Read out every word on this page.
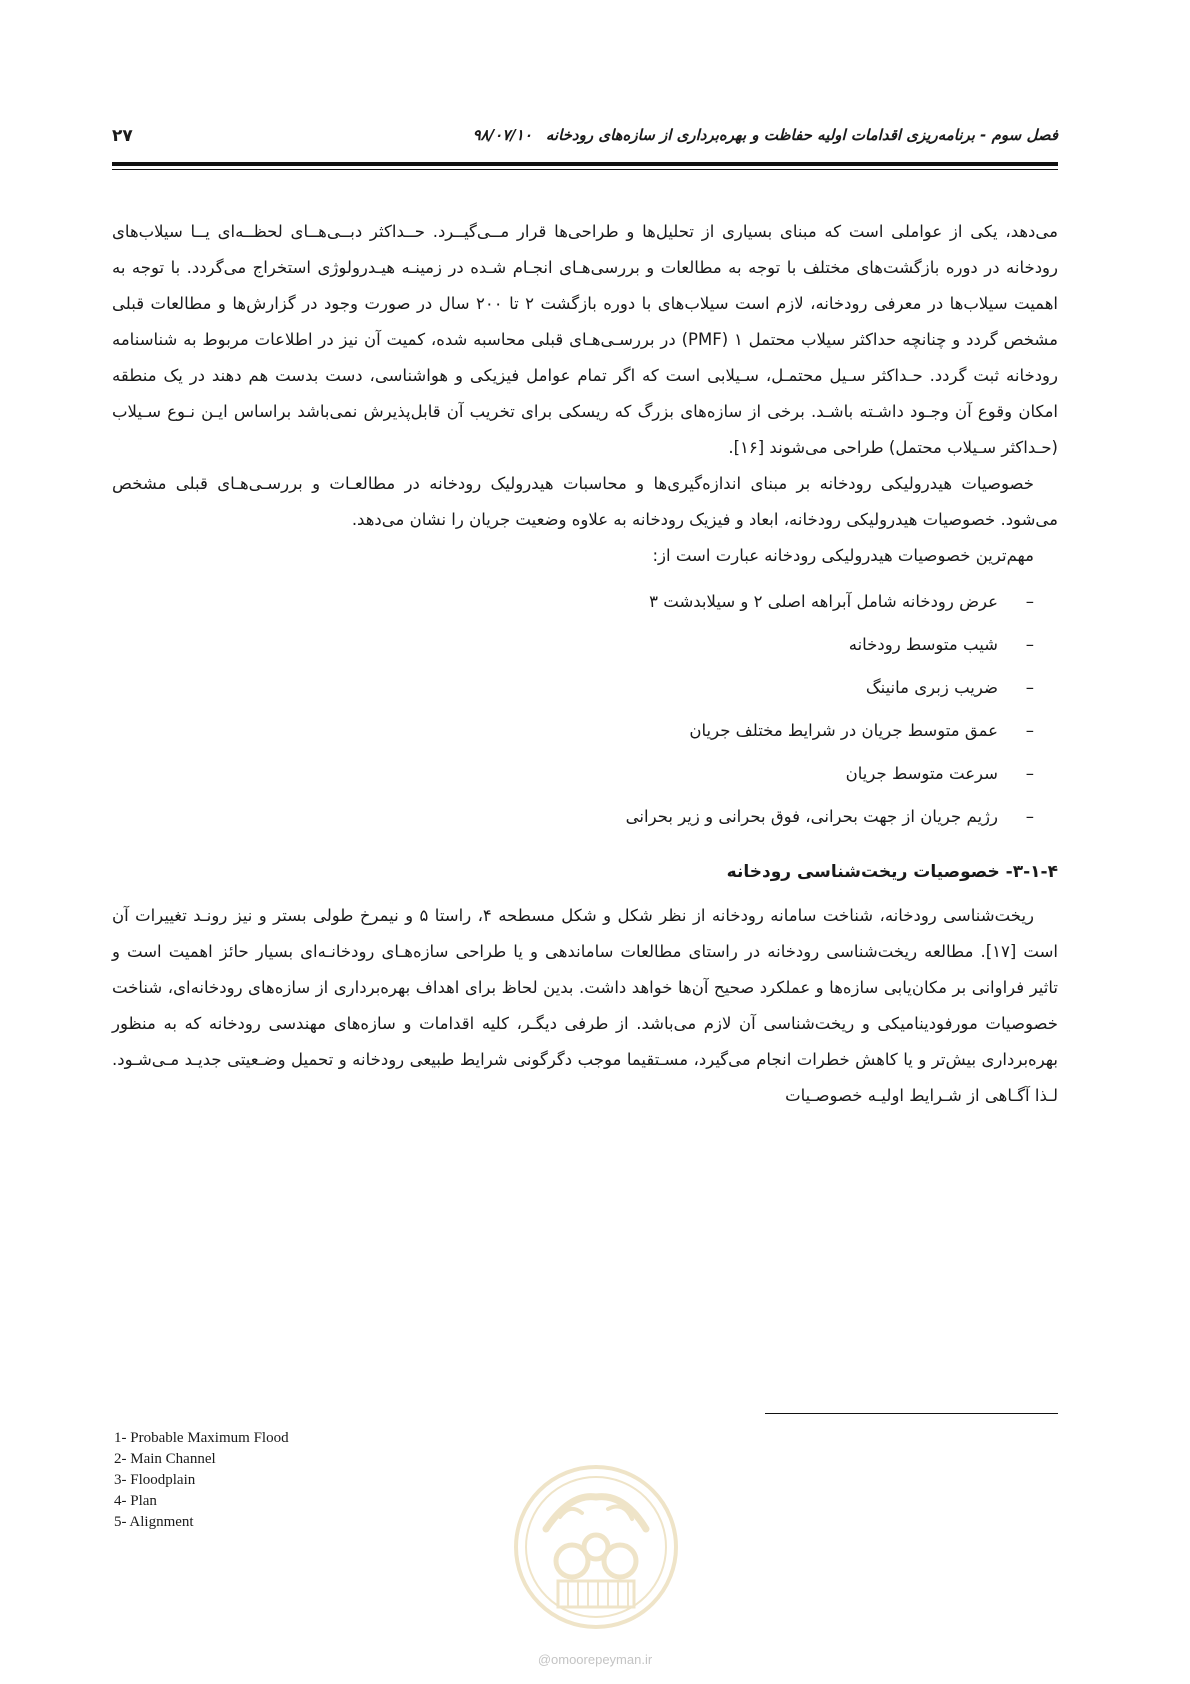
۲۷	فصل سوم - برنامه‌ریزی اقدامات اولیه حفاظت و بهره‌برداری از سازه‌های رودخانه۹۸/۰۷/۱۰

می‌دهد، یکی از عواملی است که مبنای بسیاری از تحلیل‌ها و طراحی‌ها قرار مــی‌گیــرد. حــداکثر دبــی‌هــای لحظــه‌ای یــا سیلاب‌های رودخانه در دوره بازگشت‌های مختلف با توجه به مطالعات و بررسی‌هـای انجـام شـده در زمینـه هیـدرولوژی استخراج می‌گردد. با توجه به اهمیت سیلاب‌ها در معرفی رودخانه، لازم است سیلاب‌های با دوره بازگشت ۲ تا ۲۰۰ سال در صورت وجود در گزارش‌ها و مطالعات قبلی مشخص گردد و چنانچه حداکثر سیلاب محتمل ۱ (PMF) در بررسـی‌هـای قبلی محاسبه شده، کمیت آن نیز در اطلاعات مربوط به شناسنامه رودخانه ثبت گردد. حـداکثر سـیل محتمـل، سـیلابی است که اگر تمام عوامل فیزیکی و هواشناسی، دست بدست هم دهند در یک منطقه امکان وقوع آن وجـود داشـته باشـد. برخی از سازه‌های بزرگ که ریسکی برای تخریب آن قابل‌پذیرش نمی‌باشد براساس ایـن نـوع سـیلاب (حـداکثر سـیلاب محتمل) طراحی می‌شوند [۱۶].

خصوصیات هیدرولیکی رودخانه بر مبنای اندازه‌گیری‌ها و محاسبات هیدرولیک رودخانه در مطالعـات و بررسـی‌هـای قبلی مشخص می‌شود. خصوصیات هیدرولیکی رودخانه، ابعاد و فیزیک رودخانه به علاوه وضعیت جریان را نشان می‌دهد.

مهم‌ترین خصوصیات هیدرولیکی رودخانه عبارت است از:

–عرض رودخانه شامل آبراهه اصلی ۲ و سیلابدشت ۳
–شیب متوسط رودخانه
–ضریب زبری مانینگ
–عمق متوسط جریان در شرایط مختلف جریان
–سرعت متوسط جریان
–رژیم جریان از جهت بحرانی، فوق بحرانی و زیر بحرانی
۳-۱-۴- خصوصیات ریخت‌شناسی رودخانه

ریخت‌شناسی رودخانه، شناخت سامانه رودخانه از نظر شکل و شکل مسطحه ۴، راستا ۵ و نیمرخ طولی بستر و نیز رونـد تغییرات آن است [۱۷]. مطالعه ریخت‌شناسی رودخانه در راستای مطالعات ساماندهی و یا طراحی سازه‌هـای رودخانـه‌ای بسیار حائز اهمیت است و تاثیر فراوانی بر مکان‌یابی سازه‌ها و عملکرد صحیح آن‌ها خواهد داشت. بدین لحاظ برای اهداف بهره‌برداری از سازه‌های رودخانه‌ای، شناخت خصوصیات مورفودینامیکی و ریخت‌شناسی آن لازم می‌باشد. از طرفی دیگـر، کلیه اقدامات و سازه‌های مهندسی رودخانه که به منظور بهره‌برداری بیش‌تر و یا کاهش خطرات انجام می‌گیرد، مسـتقیما موجب دگرگونی شرایط طبیعی رودخانه و تحمیل وضـعیتی جدیـد مـی‌شـود. لـذا آگـاهی از شـرایط اولیـه خصوصـیات

1- Probable Maximum Flood
2- Main Channel
3- Floodplain
4- Plan
5- Alignment
@omoorepeyman.ir
